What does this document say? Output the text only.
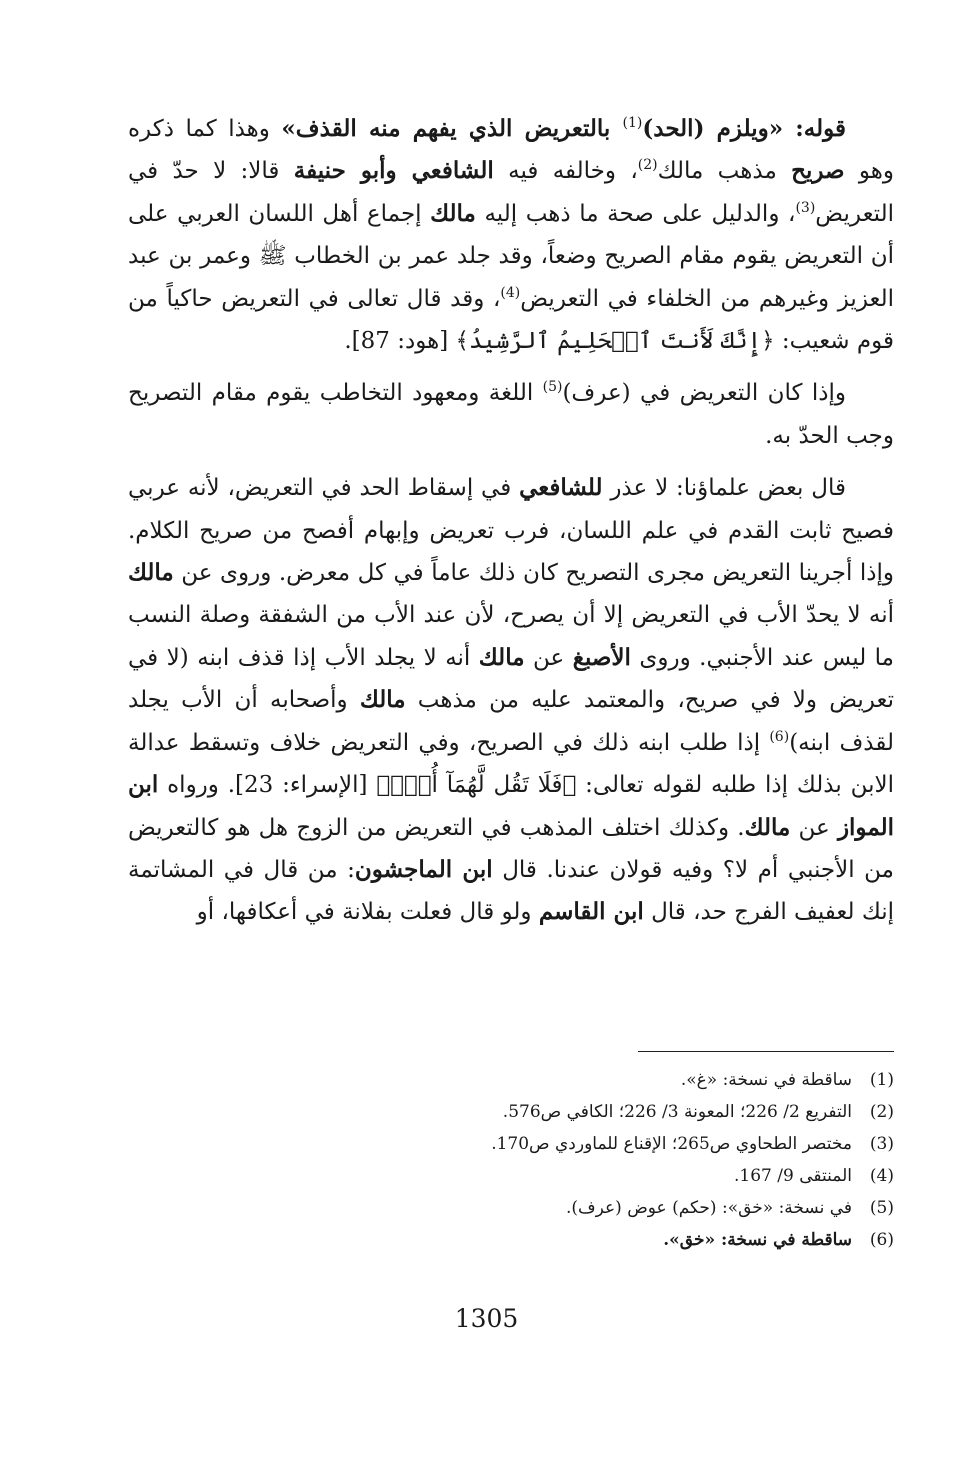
قوله: «ويلزم (الحد)$^{(1)}$ بالتعريض الذي يفهم منه القذف» وهذا كما ذكره وهو صريح مذهب مالك$^{(2)}$، وخالفه فيه الشافعي وأبو حنيفة قالا: لا حدّ في التعريض$^{(3)}$، والدليل على صحة ما ذهب إليه مالك إجماع أهل اللسان العربي على أن التعريض يقوم مقام الصريح وضعاً، وقد جلد عمر بن الخطاب ﷺ وعمر بن عبد العزيز وغيرهم من الخلفاء في التعريض$^{(4)}$، وقد قال تعالى في التعريض حاكياً من قوم شعيب: ﴿إِنَّكَ لَأَنتَ ٱلۡحَلِيمُ ٱلرَّشِيدُ﴾ [هود: 87].

وإذا كان التعريض في (عرف)$^{(5)}$ اللغة ومعهود التخاطب يقوم مقام التصريح وجب الحدّ به.

قال بعض علماؤنا: لا عذر للشافعي في إسقاط الحد في التعريض، لأنه عربي فصيح ثابت القدم في علم اللسان، فرب تعريض وإبهام أفصح من صريح الكلام. وإذا أجرينا التعريض مجرى التصريح كان ذلك عاماً في كل معرض. وروى عن مالك أنه لا يحدّ الأب في التعريض إلا أن يصرح، لأن عند الأب من الشفقة وصلة النسب ما ليس عند الأجنبي. وروى الأصبغ عن مالك أنه لا يجلد الأب إذا قذف ابنه (لا في تعريض ولا في صريح، والمعتمد عليه من مذهب مالك وأصحابه أن الأب يجلد لقذف ابنه)$^{(6)}$ إذا طلب ابنه ذلك في الصريح، وفي التعريض خلاف وتسقط عدالة الابن بذلك إذا طلبه لقوله تعالى: ﴿فَلَا تَقُل لَّهُمَآ أُفّٖ﴾ [الإسراء: 23]. ورواه ابن المواز عن مالك. وكذلك اختلف المذهب في التعريض من الزوج هل هو كالتعريض من الأجنبي أم لا؟ وفيه قولان عندنا. قال ابن الماجشون: من قال في المشاتمة إنك لعفيف الفرج حد، قال ابن القاسم ولو قال فعلت بفلانة في أعكافها، أو

(1)
ساقطة في نسخة: «غ».
(2)
التفريع 2/ 226؛ المعونة 3/ 226؛ الكافي ص576.
(3)
مختصر الطحاوي ص265؛ الإقناع للماوردي ص170.
(4)
المنتقى 9/ 167.
(5)
في نسخة: «خق»: (حكم) عوض (عرف).
(6)
ساقطة في نسخة: «خق».
1305
